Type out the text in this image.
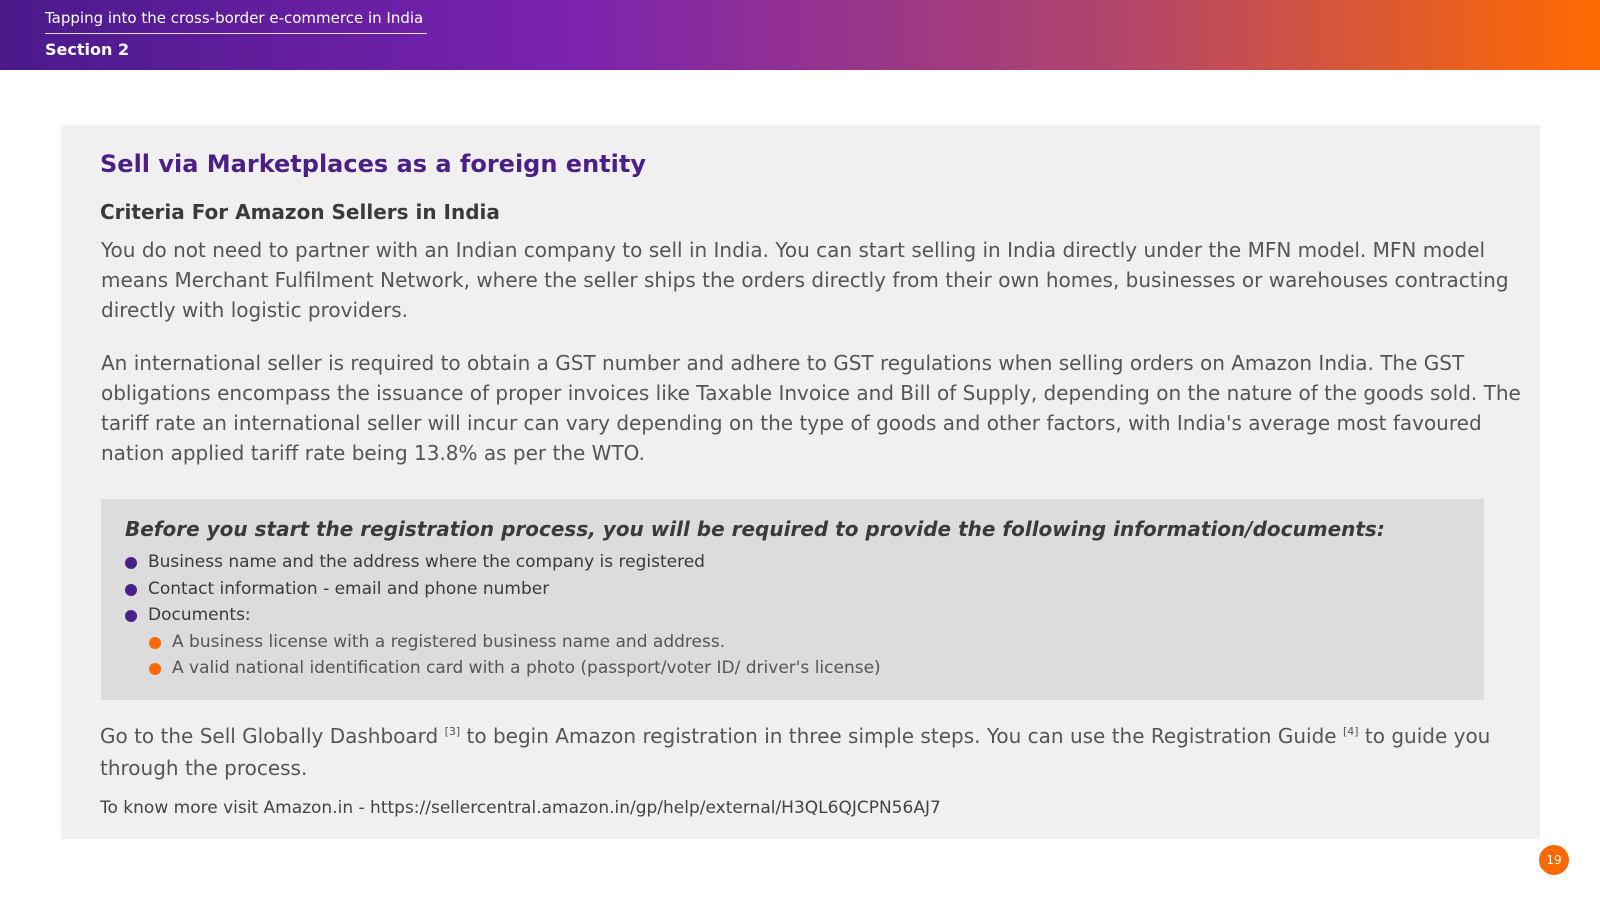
Tapping into the cross-border e-commerce in India
Section 2
Sell via Marketplaces as a foreign entity
Criteria For Amazon Sellers in India

You do not need to partner with an Indian company to sell in India. You can start selling in India directly under the MFN model. MFN model means Merchant Fulfilment Network, where the seller ships the orders directly from their own homes, businesses or warehouses contracting directly with logistic providers.

An international seller is required to obtain a GST number and adhere to GST regulations when selling orders on Amazon India. The GST obligations encompass the issuance of proper invoices like Taxable Invoice and Bill of Supply, depending on the nature of the goods sold. The tariff rate an international seller will incur can vary depending on the type of goods and other factors, with India's average most favoured nation applied tariff rate being 13.8% as per the WTO.

Before you start the registration process, you will be required to provide the following information/documents:
Business name and the address where the company is registered
Contact information - email and phone number
Documents:
A business license with a registered business name and address.
A valid national identification card with a photo (passport/voter ID/ driver's license)

Go to the Sell Globally Dashboard [3] to begin Amazon registration in three simple steps. You can use the Registration Guide [4] to guide you through the process.

To know more visit Amazon.in - https://sellercentral.amazon.in/gp/help/external/H3QL6QJCPN56AJ7
19
